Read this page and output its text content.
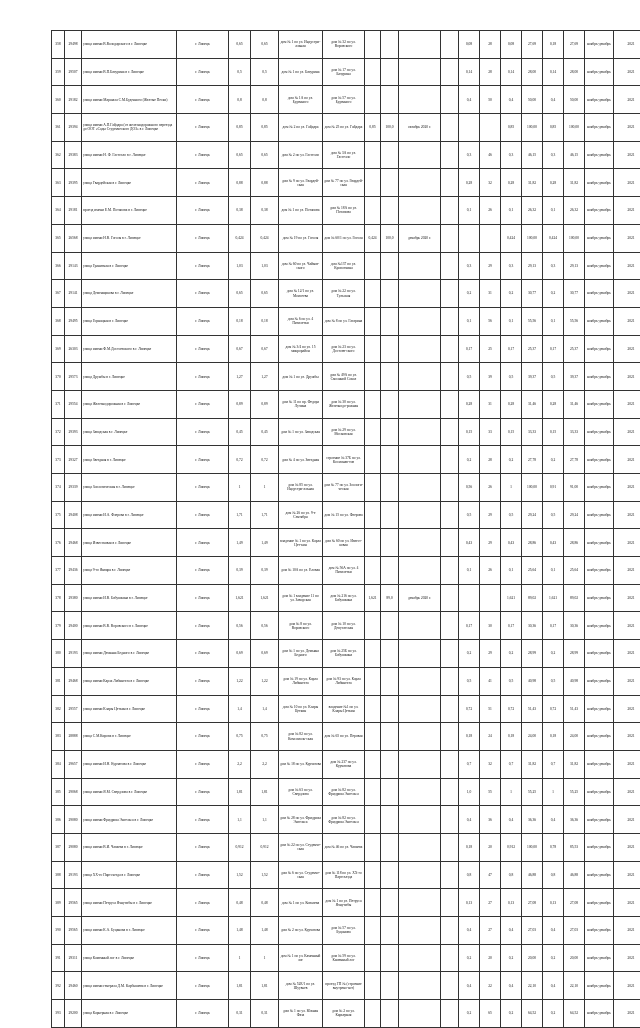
358	29498	улица имени В.Володарского в г. Липецке	г. Липецк	0,65	0,65	дом № 1 по ул. Индустри-альная	дом № 32 по ул. Воровского					0,08	28	0,08	27,69	0,18	27,69	ноябрь-декабрь	2021
359	29507	улица имени В.П.Бачурина в г. Липецке	г. Липецк	0,5	0,5	дом № 1 по ул. Бачурина	дом № 17 по ул. Бачурина					0,14	28	0,14	28,00	0,14	28,00	ноябрь-декабрь	2021
360	29182	улица имени Маршала С.М.Буденного (Желтые Пески)	г. Липецк	0,8	0,8	дом № 1А по ул. Буденного	дом № 57 по ул. Буденного					0,4	50	0,4	50,00	0,4	50,00	ноябрь-декабрь	2021
361	29394	улица имени А.П.Гайдара (от железнодорожного переезда до ООТ «Сады Студенческого ДОЗ» в г. Липецке	г. Липецк	0,85	0,85	дом № 2 по ул. Гайдара	дом № 25 по ул. Гайдара	0,85	100,0	октябрь 2020 г.				0,85	100,00	0,85	100,00	ноябрь-декабрь	2021
362	29383	улица имени Н. Ф. Гастелло в г. Липецке	г. Липецк	0,65	0,65	дом № 2 по ул. Гастелло	дом № 3А по ул. Гастелло					0,3	46	0,3	46,15	0,3	46,15	ноябрь-декабрь	2021
363	29395	улица Гвардейская в г. Липецке	г. Липецк	0,88	0,88	дом № 9 по ул. Гвардей-ская	дом № 77 по ул. Гвардей-ская					0,28	32	0,28	31,82	0,28	31,82	ноябрь-декабрь	2021
364	29181	проезд имени Е.М. Потапова в г. Липецке	г. Липецк	0,38	0,38	дом № 1 по ул. Потапова	дом № 18А по ул. Потапова					0,1	26	0,1	26,32	0,1	26,32	ноябрь-декабрь	2021
365	26568	улица имени Н.В. Гоголя в г. Липецке	г. Липецк	0,424	0,424	дом № 19 по ул. Гоголя	дом № 60/1 по ул. Гоголя	0,424	100,0	декабрь 2020 г.				0,424	100,00	0,424	100,00	ноябрь-декабрь	2021
366	29143	улица Гранитная в г. Липецке	г. Липецк	1,03	1,03	дом № 60 по ул. Чайков-ского	дом №137 по ул. Кропоткина					0,3	29	0,3	29,13	0,3	29,13	ноябрь-декабрь	2021
367	29141	улица Деменщикова в г. Липецке	г. Липецк	0,65	0,65	дом № 12/1 по ул. Моисеева	дом № 22 по ул. Тульская					0,2	31	0,2	30,77	0,2	30,77	ноябрь-декабрь	2021
368	29495	улица Горнацкая в г. Липецке	г. Липецк	0,18	0,18	дом № 6 по ул. 4 Пятилетки	дом № 8 по ул. Гагарина					0,1	56	0,1	55,56	0,1	55,56	ноябрь-декабрь	2021
369	26303	улица имени Ф.М.Достоевского в г. Липецке	г. Липецк	0,67	0,67	дом № 3/4 по ул. 15 микрорайон	дом № 23 по ул. Достоев-ского					0,17	25	0,17	25,37	0,17	25,37	ноябрь-декабрь	2021
370	29573	улица Дружбы в г. Липецке	г. Липецк	1,27	1,27	дом № 1 по ул. Дружбы	дом № 49А по ул. Смоляной Сокол					0,5	39	0,5	39,37	0,5	39,37	ноябрь-декабрь	2021
371	29554	улица Железнодорожная в г. Липецке	г. Липецк	0,89	0,89	дом № 11 по пр. Федора Лучина	дом № 30 по ул. Железнодо-рожная					0,28	31	0,28	31,46	0,28	31,46	ноябрь-декабрь	2021
372	29393	улица Заводская в г. Липецке	г. Липецк	0,45	0,45	дом № 1 по ул. Заводская	дом № 29 по ул. Московская					0,15	33	0,15	33,33	0,15	33,33	ноябрь-декабрь	2021
373	29327	улица Звездная в г. Липецке	г. Липецк	0,72	0,72	дом № 4 по ул. Звездная	строение № 37Б по ул. Космонав-тов					0,2	28	0,2	27,78	0,2	27,78	ноябрь-декабрь	2021
374	29339	улица Зоологическая в г. Липецке	г. Липецк	1	1	дом № 85 по ул. Индустри-альная	дом № 77 по ул. Зоологи-ческая					0,56	26	1	100,00	0,91	91,00	ноябрь-декабрь	2021
375	29408	улица имени И.А. Флерова в г. Липецке	г. Липецк	1,71	1,71	дом № 26 по ул. 9-е Сентября	дом № 15 по ул. Флерова					0,5	29	0,5	29,24	0,5	29,24	ноябрь-декабрь	2021
376	29468	улица Известковая в г. Липецке	г. Липецк	1,49	1,49	владение № 1 по ул. Карла Цет-кин	дом № 60 по ул. Извест-ковая					0,43	29	0,43	28,86	0,43	28,86	ноябрь-декабрь	2021
377	29436	улица 9-го Января в г. Липецке	г. Липецк	0,39	0,39	дом № 10А по ул. Еловая	дом № 56А по ул. 4 Пятилетки					0,1	26	0,1	25,64	0,1	25,64	ноябрь-декабрь	2021
378	29380	улица имени И.В. Бабушкина в г. Липецке	г. Липецк	1,621	1,621	дом № 1 владение 11 по ул. Заводская	дом № 216 по ул. Бабушкина	1,621	89,0	декабрь 2020 г.				1,621	89,02	1,621	89,02	ноябрь-декабрь	2021
379	29400	улица имени В.В. Воровского в г. Липецке	г. Липецк	0,56	0,56	дом № 8 по ул. Воровского	дом № 10 по ул. Депутатская					0,17	30	0,17	30,36	0,17	30,36	ноябрь-декабрь	2021
380	29193	улица имени Демьяна Бедного в г. Липецке	г. Липецк	0,69	0,69	дом № 1 по ул. Демьяна Бедного	дом № 25Б по ул. Бабушкина					0,2	29	0,2	28,99	0,2	28,99	ноябрь-декабрь	2021
381	29468	улица имени Карла Либкнехта в г. Липецке	г. Липецк	1,22	1,22	дом № 19 по ул. Карла Либкнехта	дом № 93 по ул. Карла Либкнехта					0,5	41	0,5	40,98	0,5	40,98	ноябрь-декабрь	2021
382	29557	улица имени Клары Цеткин в г. Липецке	г. Липецк	1,4	1,4	дом № 10 по ул. Клары Цеткин	владение №1 по ул. Клары Цеткин					0,72	51	0,72	51,43	0,72	51,43	ноябрь-декабрь	2021
383	28888	улица С.М.Кирова в г. Липецке	г. Липецк	0,75	0,75	дом № 82 по ул. Комсомоль-ская	дом № 65 по ул. Перовая					0,18	24	0,18	24,00	0,18	24,00	ноябрь-декабрь	2021
384	29657	улица имени И.Н. Курчатова в г. Липецке	г. Липецк	2,2	2,2	дом № 18 по ул. Курчатова	дом № 237 по ул. Курчатова					0,7	32	0,7	31,82	0,7	31,82	ноябрь-декабрь	2021
385	29068	улица имени Я.М. Свердлова в г. Липецке	г. Липецк	1,81	1,81	дом № 63 по ул. Свердлова	дом № 82 по ул. Фридриха Энгельса					1,0	55	1	55,25	1	55,25	ноябрь-декабрь	2021
386	29080	улица имени Фридриха Энгельса в г. Липецке	г. Липецк	1,1	1,1	дом № 28 по ул. Фридриха Энгельса	дом № 82 по ул. Фридриха Энгельса					0,4	36	0,4	36,36	0,4	36,36	ноябрь-декабрь	2021
387	29080	улица имени В.И. Чапаева в г. Липецке	г. Липецк	0,912	0,912	дом № 22 по ул. Студенче-ская	дом № 46 по ул. Чапаева					0,18	20	0,912	100,00	0,78	85,53	ноябрь-декабрь	2021
388	29193	улица XX-го Партсъезда в г. Липецке	г. Липецк	1,52	1,52	дом № 6 по ул. Студенче-ская	дом № 118 по ул. XX-го Партсъезда					0,8	47	0,8	46,88	0,8	46,88	ноябрь-декабрь	2021
389	29565	улица имени Петруса Ячнутибы в г. Липецке	г. Липецк	0,48	0,48	дом № 1 по ул. Ковалева	дом № 1 по ул. Петруса Ячнутибы					0,13	27	0,13	27,08	0,13	27,08	ноябрь-декабрь	2021
390	29565	улица имени К.А. Буцанова в г. Липецке	г. Липецк	1,48	1,48	дом № 2 по ул. Курчатова	дом № 57 по ул. Буцанова					0,4	27	0,4	27,03	0,4	27,03	ноябрь-декабрь	2021
391	29311	улица Каменный лог в г. Липецке	г. Липецк	1	1	дом № 1 по ул. Каменный лог	дом № 59 по ул. Каменный лог					0,2	20	0,2	20,00	0,2	20,00	ноябрь-декабрь	2021
392	29460	улица имени генерала Д.М. Карбышева в г. Липецке	г. Липецк	1,81	1,81	дом № 52Е/1 по ул. Шуувьев	проезд ГП № (строение внутрено-кот)					0,4	22	0,4	22,10	0,4	22,10	ноябрь-декабрь	2021
393	29200	улица Карьерная в г. Липецке	г. Липецк	0,31	0,31	дом № 1 по ул. Южная Фаза	дом № 2 по ул. Карьерная					0,2	65	0,2	64,52	0,2	64,52	ноябрь-декабрь	2021
